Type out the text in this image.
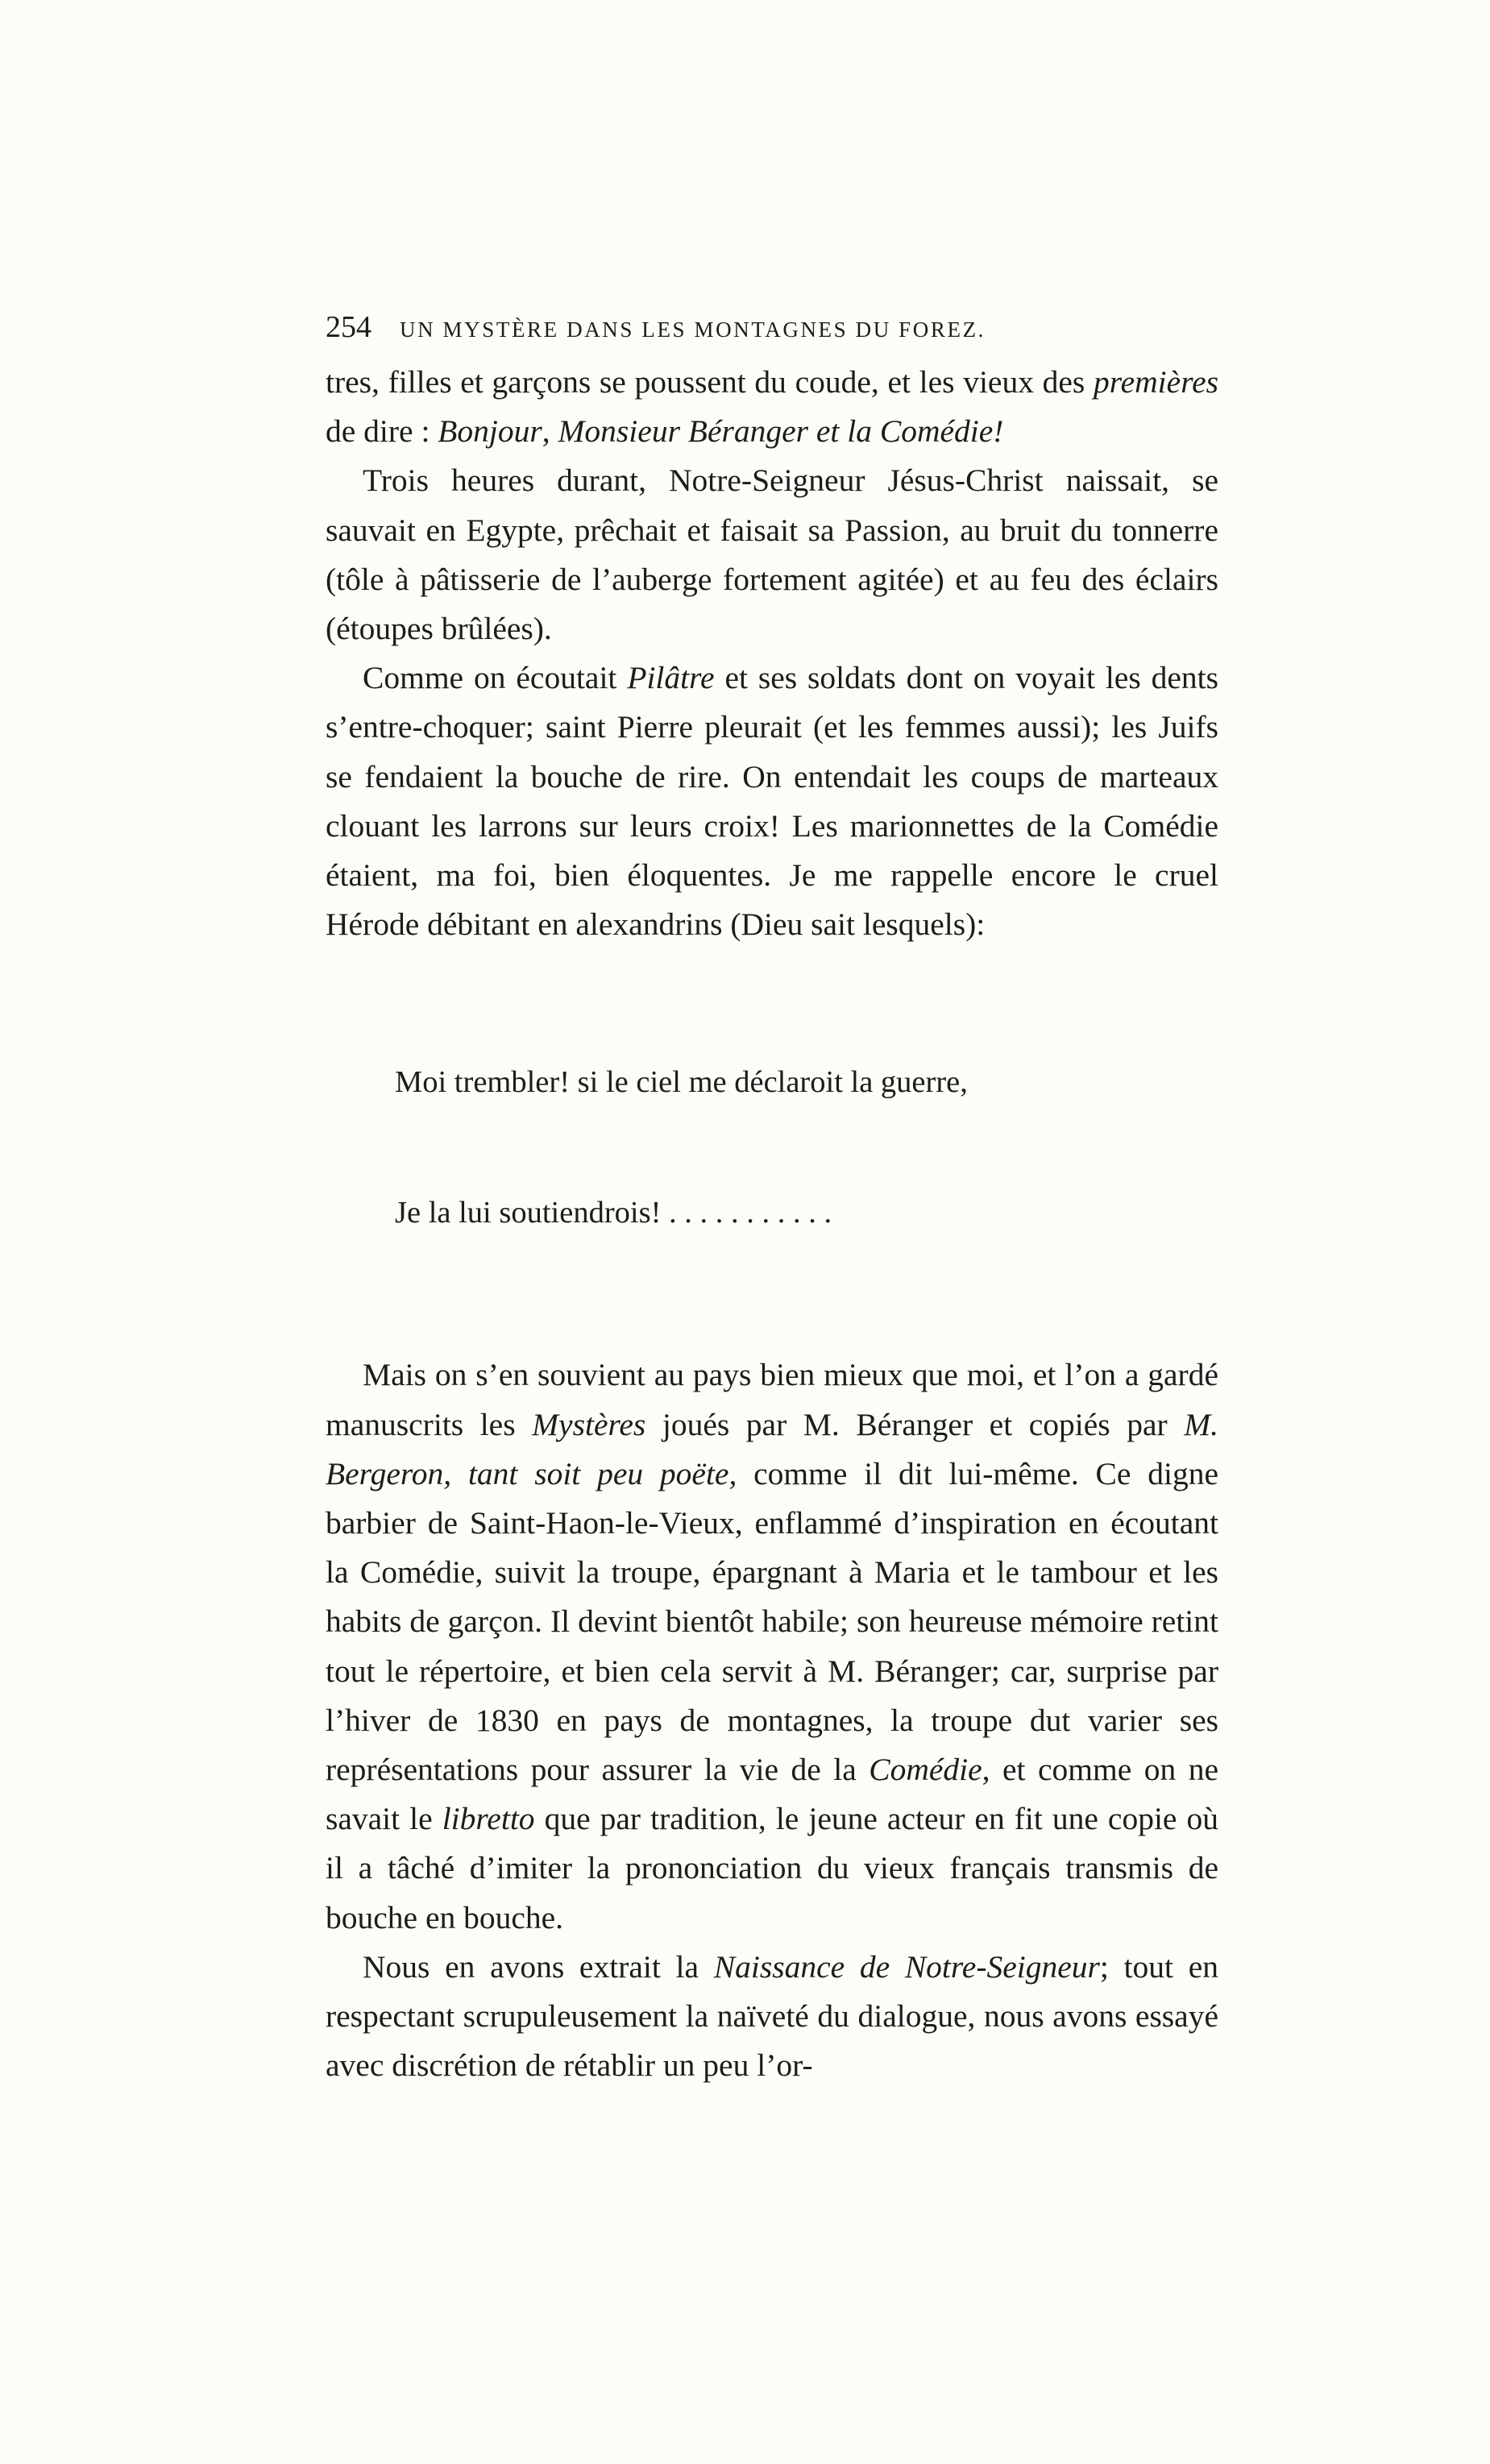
254	UN MYSTÈRE DANS LES MONTAGNES DU FOREZ.

tres, filles et garçons se poussent du coude, et les vieux des premières de dire : Bonjour, Monsieur Béranger et la Comédie!

Trois heures durant, Notre-Seigneur Jésus-Christ naissait, se sauvait en Egypte, prêchait et faisait sa Passion, au bruit du tonnerre (tôle à pâtisserie de l’auberge fortement agitée) et au feu des éclairs (étoupes brûlées).

Comme on écoutait Pilâtre et ses soldats dont on voyait les dents s’entre-choquer; saint Pierre pleurait (et les femmes aussi); les Juifs se fendaient la bouche de rire. On entendait les coups de marteaux clouant les larrons sur leurs croix! Les marionnettes de la Comédie étaient, ma foi, bien éloquentes. Je me rappelle encore le cruel Hérode débitant en alexandrins (Dieu sait lesquels):

Moi trembler! si le ciel me déclaroit la guerre,

Je la lui soutiendrois! . . . . . . . . . . .

Mais on s’en souvient au pays bien mieux que moi, et l’on a gardé manuscrits les Mystères joués par M. Béranger et copiés par M. Bergeron, tant soit peu poëte, comme il dit lui-même. Ce digne barbier de Saint-Haon-le-Vieux, enflammé d’inspiration en écoutant la Comédie, suivit la troupe, épargnant à Maria et le tambour et les habits de garçon. Il devint bientôt habile; son heureuse mémoire retint tout le répertoire, et bien cela servit à M. Béranger; car, surprise par l’hiver de 1830 en pays de montagnes, la troupe dut varier ses représentations pour assurer la vie de la Comédie, et comme on ne savait le libretto que par tradition, le jeune acteur en fit une copie où il a tâché d’imiter la prononciation du vieux français transmis de bouche en bouche.

Nous en avons extrait la Naissance de Notre-Seigneur; tout en respectant scrupuleusement la naïveté du dialogue, nous avons essayé avec discrétion de rétablir un peu l’or-
